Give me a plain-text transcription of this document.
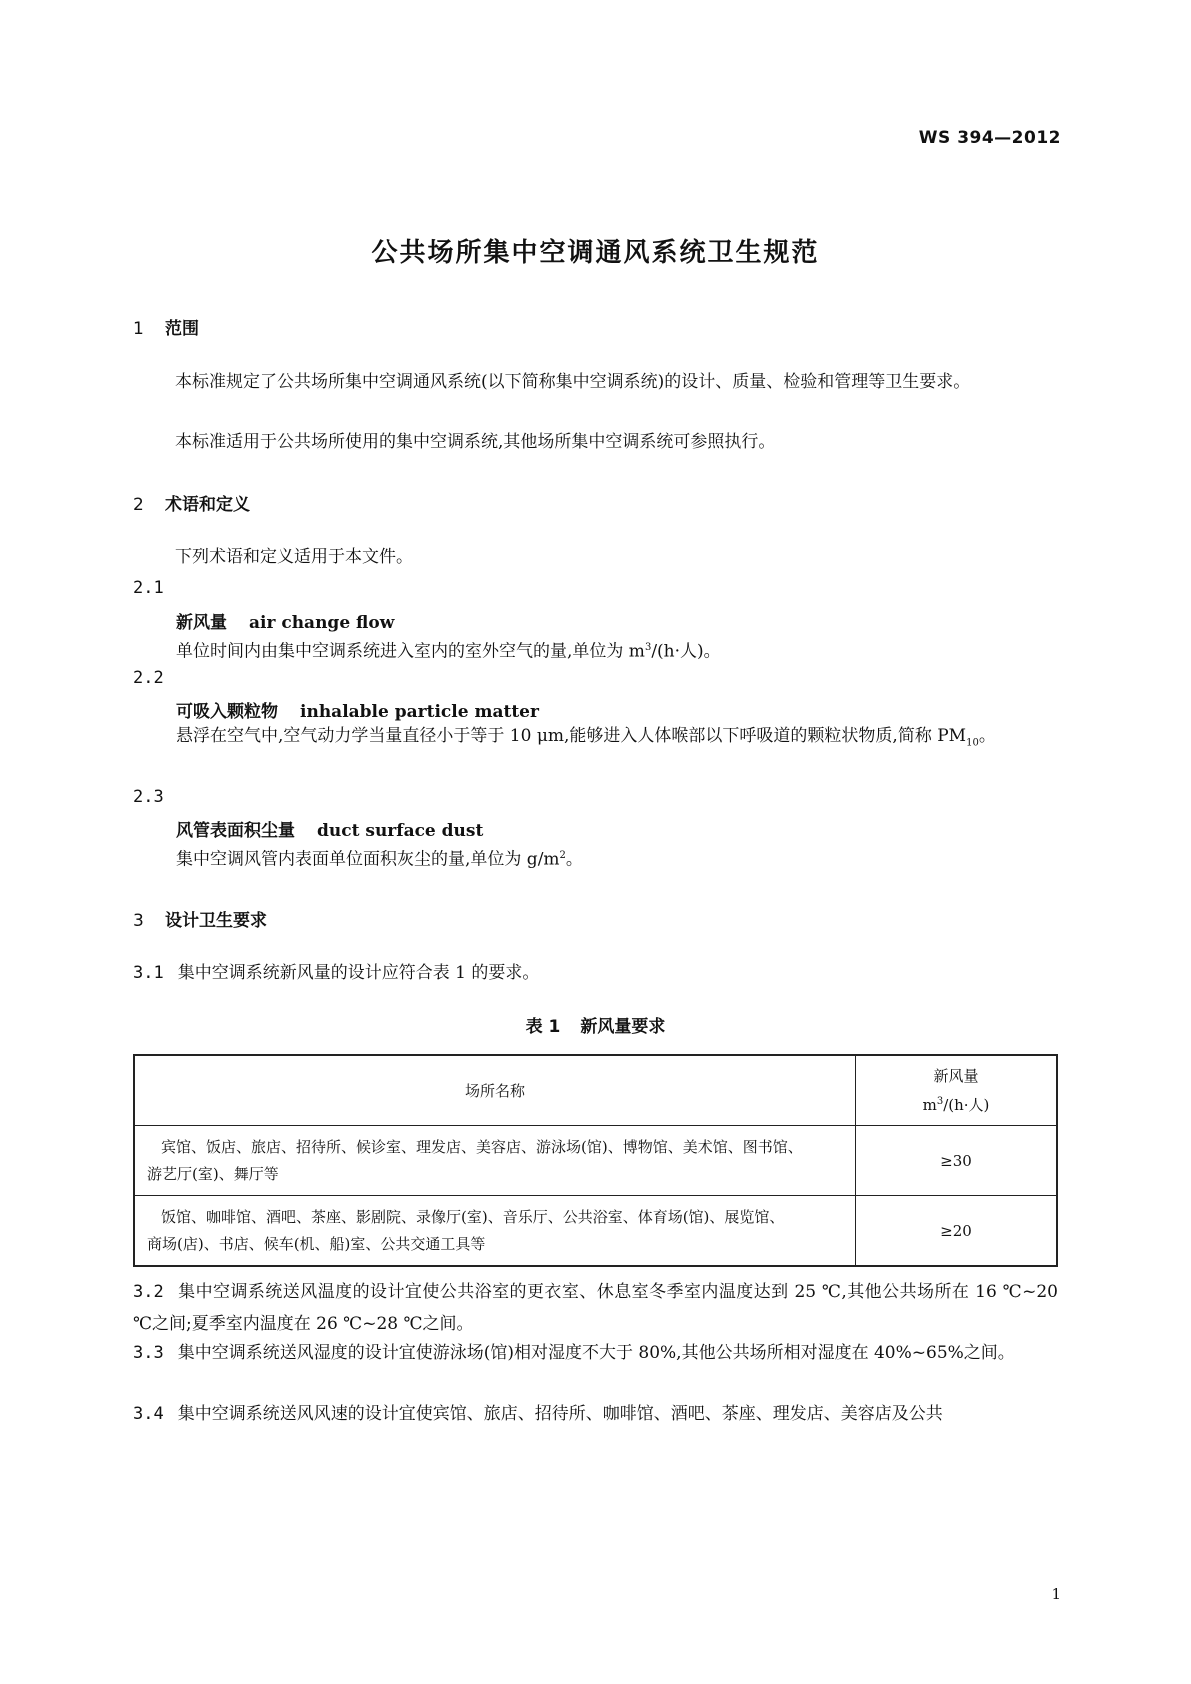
WS 394—2012
公共场所集中空调通风系统卫生规范
1 范围
本标准规定了公共场所集中空调通风系统(以下简称集中空调系统)的设计、质量、检验和管理等卫生要求。
本标准适用于公共场所使用的集中空调系统,其他场所集中空调系统可参照执行。
2 术语和定义
下列术语和定义适用于本文件。
2.1
新风量 air change flow
单位时间内由集中空调系统进入室内的室外空气的量,单位为 $m^3/(h\cdot$人)。
2.2
可吸入颗粒物 inhalable particle matter
悬浮在空气中,空气动力学当量直径小于等于 10 μm,能够进入人体喉部以下呼吸道的颗粒状物质,简称 $PM_{10}$。
2.3
风管表面积尘量 duct surface dust
集中空调风管内表面单位面积灰尘的量,单位为 $g/m^2$。
3 设计卫生要求
3.1 集中空调系统新风量的设计应符合表 1 的要求。
表 1 新风量要求
场所名称	新风量
$m^3/(h\cdot$人)

宾馆、饭店、旅店、招待所、候诊室、理发店、美容店、游泳场(馆)、博物馆、美术馆、图书馆、
游艺厅(室)、舞厅等	≥30

饭馆、咖啡馆、酒吧、茶座、影剧院、录像厅(室)、音乐厅、公共浴室、体育场(馆)、展览馆、
商场(店)、书店、候车(机、船)室、公共交通工具等	≥20
3.2 集中空调系统送风温度的设计宜使公共浴室的更衣室、休息室冬季室内温度达到 25 ℃,其他公共场所在 16 ℃~20 ℃之间;夏季室内温度在 26 ℃~28 ℃之间。
3.3 集中空调系统送风湿度的设计宜使游泳场(馆)相对湿度不大于 80%,其他公共场所相对湿度在 40%~65%之间。
3.4 集中空调系统送风风速的设计宜使宾馆、旅店、招待所、咖啡馆、酒吧、茶座、理发店、美容店及公共
1
